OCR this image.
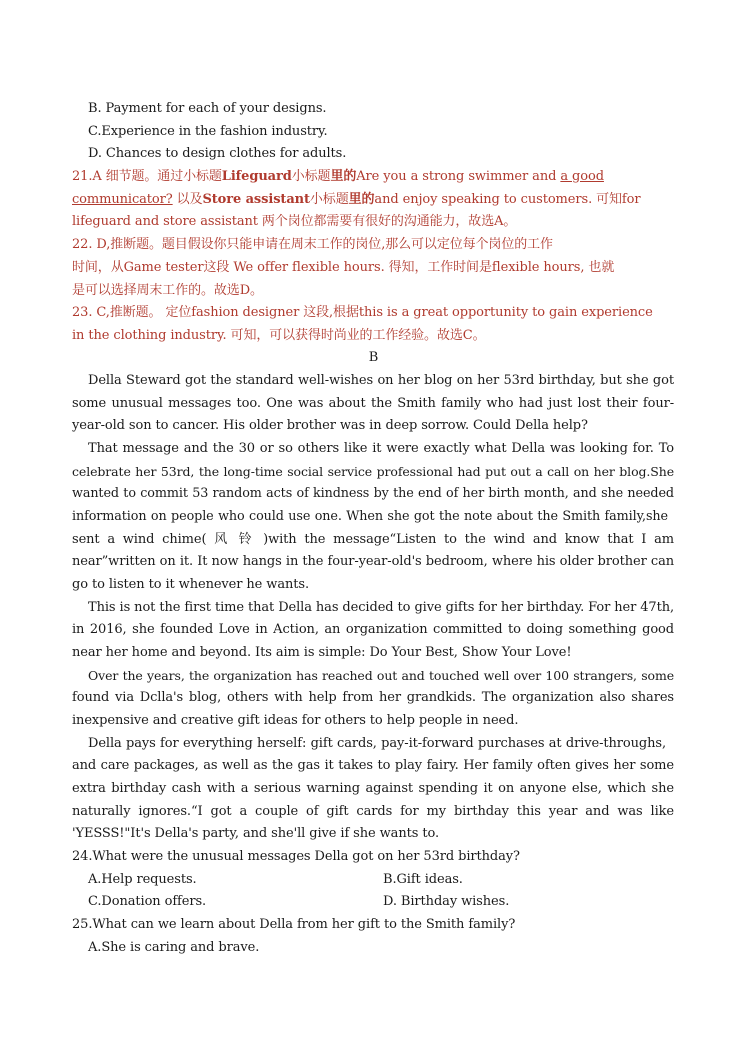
B. Payment for each of your designs.
C.Experience in the fashion industry.
D. Chances to design clothes for adults.
21.A 细节题。通过小标题Lifeguard小标题里的Are you a strong swimmer and a good
communicator? 以及Store assistant小标题里的and enjoy speaking to customers. 可知for
lifeguard and store assistant 两个岗位都需要有很好的沟通能力，故选A。
22. D,推断题。题目假设你只能申请在周末工作的岗位,那么可以定位每个岗位的工作
时间，从Game tester这段 We offer flexible hours. 得知，工作时间是flexible hours, 也就
是可以选择周末工作的。故选D。
23. C,推断题。 定位fashion designer 这段,根据this is a great opportunity to gain experience
in the clothing industry. 可知，可以获得时尚业的工作经验。故选C。
B
Della Steward got the standard well-wishes on her blog on her 53rd birthday, but she got
some unusual messages too. One was about the Smith family who had just lost their four-
year-old son to cancer. His older brother was in deep sorrow. Could Della help?
That message and the 30 or so others like it were exactly what Della was looking for. To
celebrate her 53rd, the long-time social service professional had put out a call on her blog.She
wanted to commit 53 random acts of kindness by the end of her birth month, and she needed
information on people who could use one. When she got the note about the Smith family,she
sent a wind chime( 风 铃 )with the message“Listen to the wind and know that I am
near”written on it. It now hangs in the four-year-old's bedroom, where his older brother can
go to listen to it whenever he wants.
This is not the first time that Della has decided to give gifts for her birthday. For her 47th,
in 2016, she founded Love in Action, an organization committed to doing something good
near her home and beyond. Its aim is simple: Do Your Best, Show Your Love!
Over the years, the organization has reached out and touched well over 100 strangers, some
found via Dclla's blog, others with help from her grandkids. The organization also shares
inexpensive and creative gift ideas for others to help people in need.
Della pays for everything herself: gift cards, pay-it-forward purchases at drive-throughs,
and care packages, as well as the gas it takes to play fairy. Her family often gives her some
extra birthday cash with a serious warning against spending it on anyone else, which she
naturally ignores.“I got a couple of gift cards for my birthday this year and was like
'YESSS!"It's Della's party, and she'll give if she wants to.
24.What were the unusual messages Della got on her 53rd birthday?
A.Help requests.	B.Gift ideas.
C.Donation offers.	D. Birthday wishes.
25.What can we learn about Della from her gift to the Smith family?
A.She is caring and brave.
